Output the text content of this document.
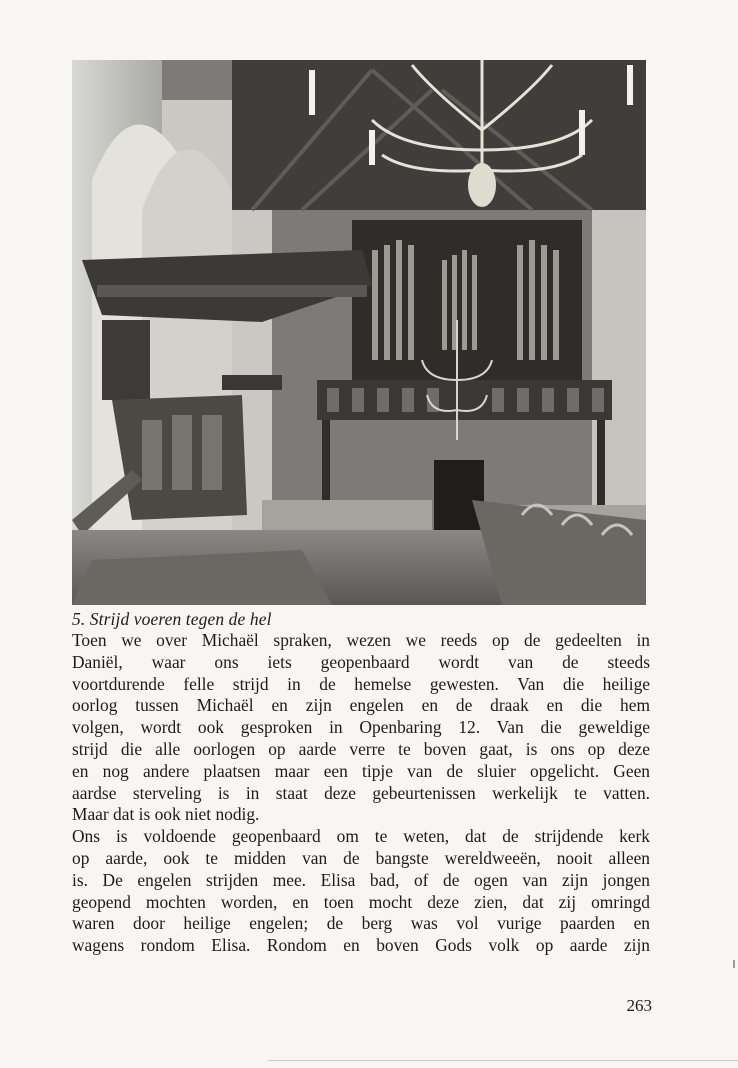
5. Strijd voeren tegen de hel
Toen we over Michaël spraken, wezen we reeds op de gedeelten in
Daniël, waar ons iets geopenbaard wordt van de steeds
voortdurende felle strijd in de hemelse gewesten. Van die heilige
oorlog tussen Michaël en zijn engelen en de draak en die hem
volgen, wordt ook gesproken in Openbaring 12. Van die geweldige
strijd die alle oorlogen op aarde verre te boven gaat, is ons op deze
en nog andere plaatsen maar een tipje van de sluier opgelicht. Geen
aardse sterveling is in staat deze gebeurtenissen werkelijk te vatten.
Maar dat is ook niet nodig.
Ons is voldoende geopenbaard om te weten, dat de strijdende kerk
op aarde, ook te midden van de bangste wereldweeën, nooit alleen
is. De engelen strijden mee. Elisa bad, of de ogen van zijn jongen
geopend mochten worden, en toen mocht deze zien, dat zij omringd
waren door heilige engelen; de berg was vol vurige paarden en
wagens rondom Elisa. Rondom en boven Gods volk op aarde zijn
263
